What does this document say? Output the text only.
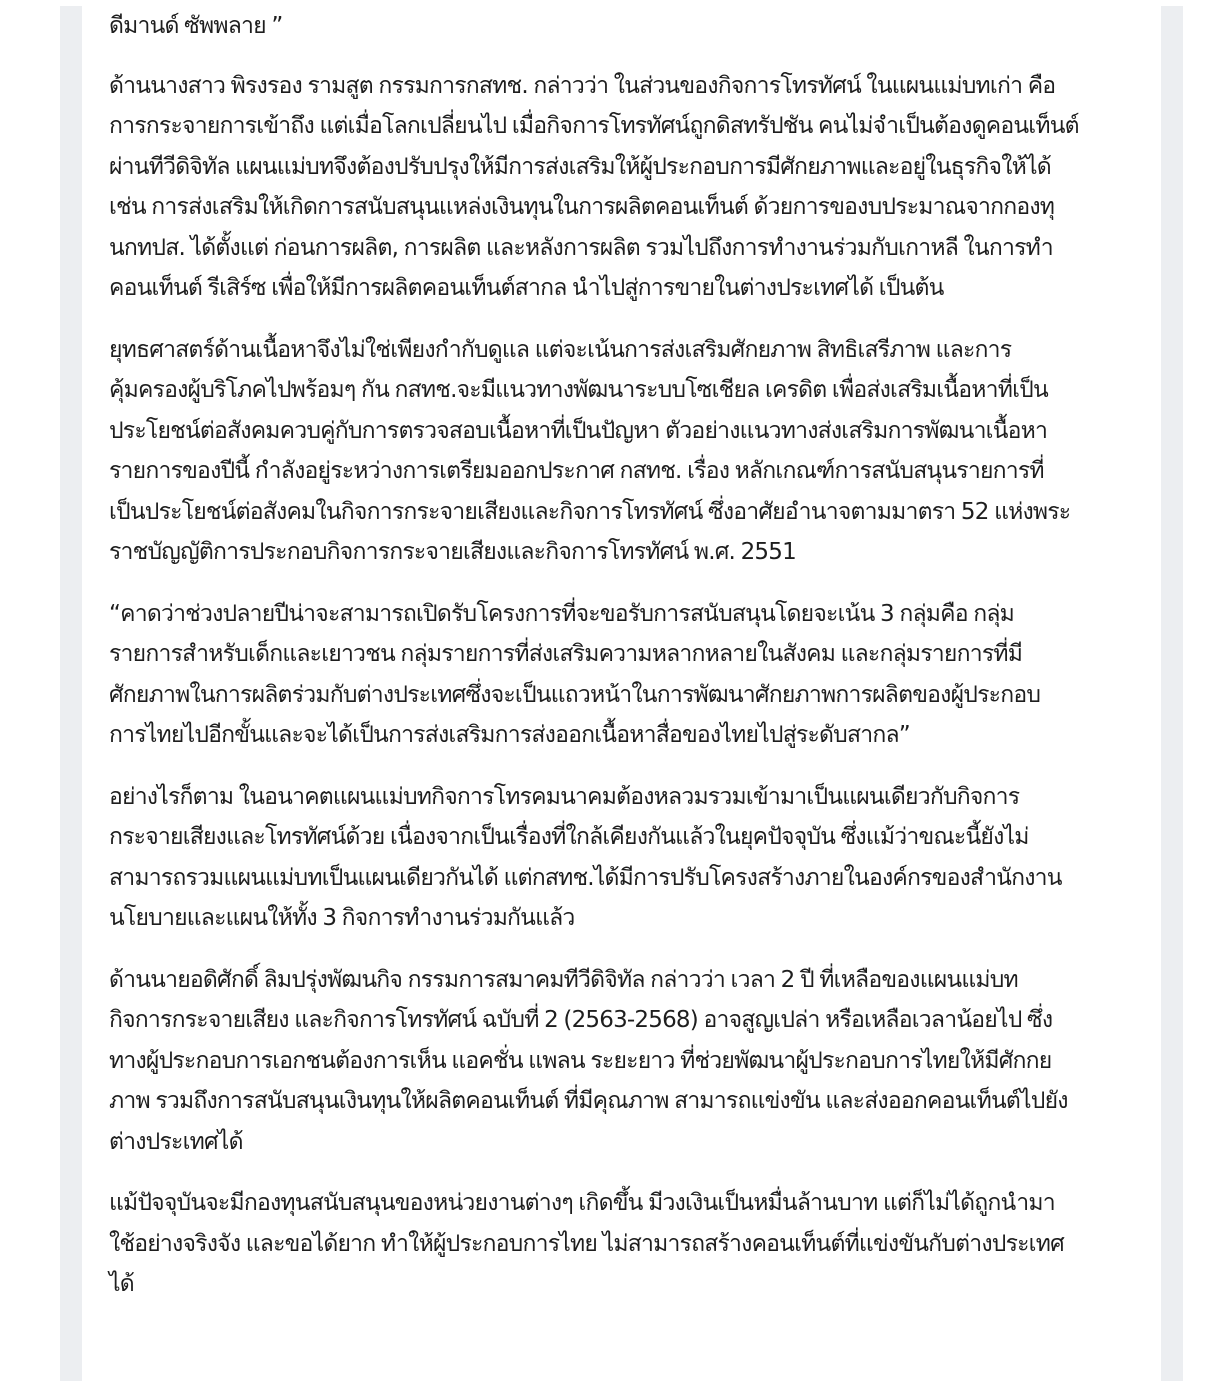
ดีมานด์ ซัพพลาย ”

ด้านนางสาว พิรงรอง รามสูต กรรมการกสทช. กล่าวว่า ในส่วนของกิจการโทรทัศน์ ในแผนแม่บทเก่า คือ
การกระจายการเข้าถึง แต่เมื่อโลกเปลี่ยนไป เมื่อกิจการโทรทัศน์ถูกดิสทรัปชัน คนไม่จำเป็นต้องดูคอนเท็นต์
ผ่านทีวีดิจิทัล แผนแม่บทจึงต้องปรับปรุงให้มีการส่งเสริมให้ผู้ประกอบการมีศักยภาพและอยู่ในธุรกิจให้ได้
เช่น การส่งเสริมให้เกิดการสนับสนุนแหล่งเงินทุนในการผลิตคอนเท็นต์ ด้วยการของบประมาณจากกองทุ
นกทปส. ได้ตั้งแต่ ก่อนการผลิต, การผลิต และหลังการผลิต รวมไปถึงการทำงานร่วมกับเกาหลี ในการทำ
คอนเท็นต์ รีเสิร์ซ เพื่อให้มีการผลิตคอนเท็นต์สากล นำไปสู่การขายในต่างประเทศได้ เป็นต้น

ยุทธศาสตร์ด้านเนื้อหาจึงไม่ใช่เพียงกำกับดูแล แต่จะเน้นการส่งเสริมศักยภาพ สิทธิเสรีภาพ และการ
คุ้มครองผู้บริโภคไปพร้อมๆ กัน กสทช.จะมีแนวทางพัฒนาระบบโซเชียล เครดิต เพื่อส่งเสริมเนื้อหาที่เป็น
ประโยชน์ต่อสังคมควบคู่กับการตรวจสอบเนื้อหาที่เป็นปัญหา ตัวอย่างแนวทางส่งเสริมการพัฒนาเนื้อหา
รายการของปีนี้ กำลังอยู่ระหว่างการเตรียมออกประกาศ กสทช. เรื่อง หลักเกณฑ์การสนับสนุนรายการที่
เป็นประโยชน์ต่อสังคมในกิจการกระจายเสียงและกิจการโทรทัศน์ ซึ่งอาศัยอำนาจตามมาตรา 52 แห่งพระ
ราชบัญญัติการประกอบกิจการกระจายเสียงและกิจการโทรทัศน์ พ.ศ. 2551

“คาดว่าช่วงปลายปีน่าจะสามารถเปิดรับโครงการที่จะขอรับการสนับสนุนโดยจะเน้น 3 กลุ่มคือ กลุ่ม
รายการสำหรับเด็กและเยาวชน กลุ่มรายการที่ส่งเสริมความหลากหลายในสังคม และกลุ่มรายการที่มี
ศักยภาพในการผลิตร่วมกับต่างประเทศซึ่งจะเป็นแถวหน้าในการพัฒนาศักยภาพการผลิตของผู้ประกอบ
การไทยไปอีกขั้นและจะได้เป็นการส่งเสริมการส่งออกเนื้อหาสื่อของไทยไปสู่ระดับสากล”

อย่างไรก็ตาม ในอนาคตแผนแม่บทกิจการโทรคมนาคมต้องหลวมรวมเข้ามาเป็นแผนเดียวกับกิจการ
กระจายเสียงและโทรทัศน์ด้วย เนื่องจากเป็นเรื่องที่ใกล้เคียงกันแล้วในยุคปัจจุบัน ซึ่งแม้ว่าขณะนี้ยังไม่
สามารถรวมแผนแม่บทเป็นแผนเดียวกันได้ แต่กสทช.ได้มีการปรับโครงสร้างภายในองค์กรของสำนักงาน
นโยบายและแผนให้ทั้ง 3 กิจการทำงานร่วมกันแล้ว

ด้านนายอดิศักดิ์ ลิมปรุ่งพัฒนกิจ กรรมการสมาคมทีวีดิจิทัล กล่าวว่า เวลา 2 ปี ที่เหลือของแผนแม่บท
กิจการกระจายเสียง และกิจการโทรทัศน์ ฉบับที่ 2 (2563-2568) อาจสูญเปล่า หรือเหลือเวลาน้อยไป ซึ่ง
ทางผู้ประกอบการเอกชนต้องการเห็น แอคชั่น แพลน ระยะยาว ที่ช่วยพัฒนาผู้ประกอบการไทยให้มีศักกย
ภาพ รวมถึงการสนับสนุนเงินทุนให้ผลิตคอนเท็นต์ ที่มีคุณภาพ สามารถแข่งขัน และส่งออกคอนเท็นต์ไปยัง
ต่างประเทศได้

แม้ปัจจุบันจะมีกองทุนสนับสนุนของหน่วยงานต่างๆ เกิดขึ้น มีวงเงินเป็นหมื่นล้านบาท แต่ก็ไม่ได้ถูกนำมา
ใช้อย่างจริงจัง และขอได้ยาก ทำให้ผู้ประกอบการไทย ไม่สามารถสร้างคอนเท็นต์ที่แข่งขันกับต่างประเทศ
ได้
